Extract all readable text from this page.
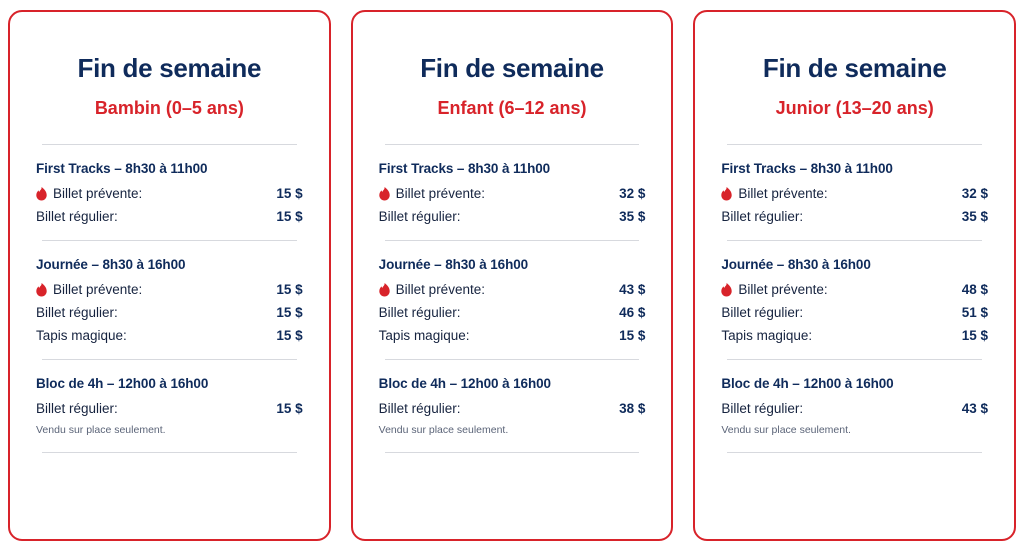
Fin de semaine
Bambin (0–5 ans)
First Tracks – 8h30 à 11h00
Billet prévente:	15 $
Billet régulier:	15 $
Journée – 8h30 à 16h00
Billet prévente:	15 $
Billet régulier:	15 $
Tapis magique:	15 $
Bloc de 4h – 12h00 à 16h00
Billet régulier:	15 $
Vendu sur place seulement.
Fin de semaine
Enfant (6–12 ans)
First Tracks – 8h30 à 11h00
Billet prévente:	32 $
Billet régulier:	35 $
Journée – 8h30 à 16h00
Billet prévente:	43 $
Billet régulier:	46 $
Tapis magique:	15 $
Bloc de 4h – 12h00 à 16h00
Billet régulier:	38 $
Vendu sur place seulement.
Fin de semaine
Junior (13–20 ans)
First Tracks – 8h30 à 11h00
Billet prévente:	32 $
Billet régulier:	35 $
Journée – 8h30 à 16h00
Billet prévente:	48 $
Billet régulier:	51 $
Tapis magique:	15 $
Bloc de 4h – 12h00 à 16h00
Billet régulier:	43 $
Vendu sur place seulement.
